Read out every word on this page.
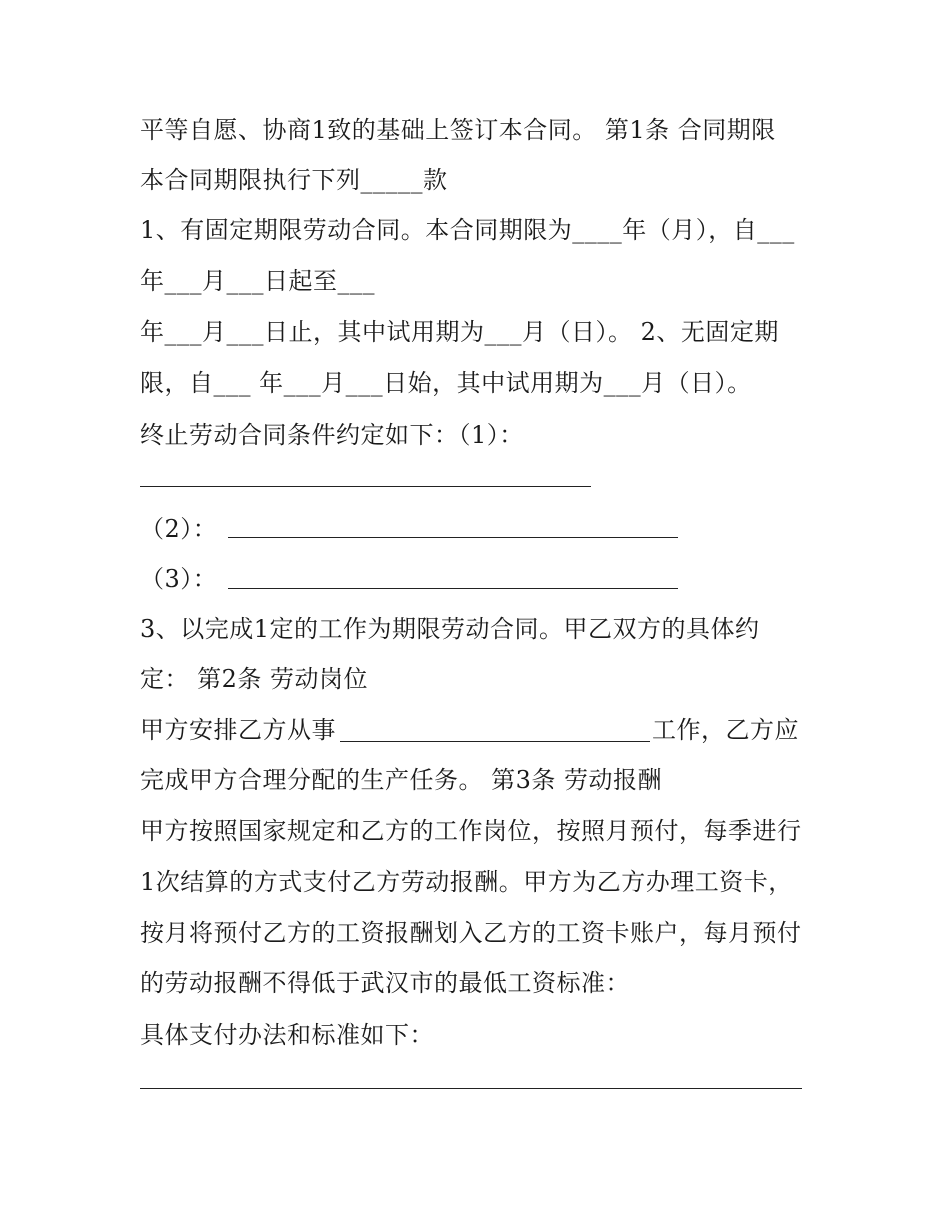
平等自愿、协商1致的基础上签订本合同。 第1条 合同期限
本合同期限执行下列_____款
1、有固定期限劳动合同。本合同期限为____年（月），自___
年___月___日起至___
年___月___日止，其中试用期为___月（日）。 2、无固定期
限，自___ 年___月___日始，其中试用期为___月（日）。
终止劳动合同条件约定如下：（1）：
（2）：
（3）：
3、以完成1定的工作为期限劳动合同。甲乙双方的具体约
定： 第2条 劳动岗位
甲方安排乙方从事	工作，乙方应
完成甲方合理分配的生产任务。 第3条 劳动报酬
甲方按照国家规定和乙方的工作岗位，按照月预付，每季进行
1次结算的方式支付乙方劳动报酬。甲方为乙方办理工资卡，
按月将预付乙方的工资报酬划入乙方的工资卡账户，每月预付
的劳动报酬不得低于武汉市的最低工资标准：
具体支付办法和标准如下：
